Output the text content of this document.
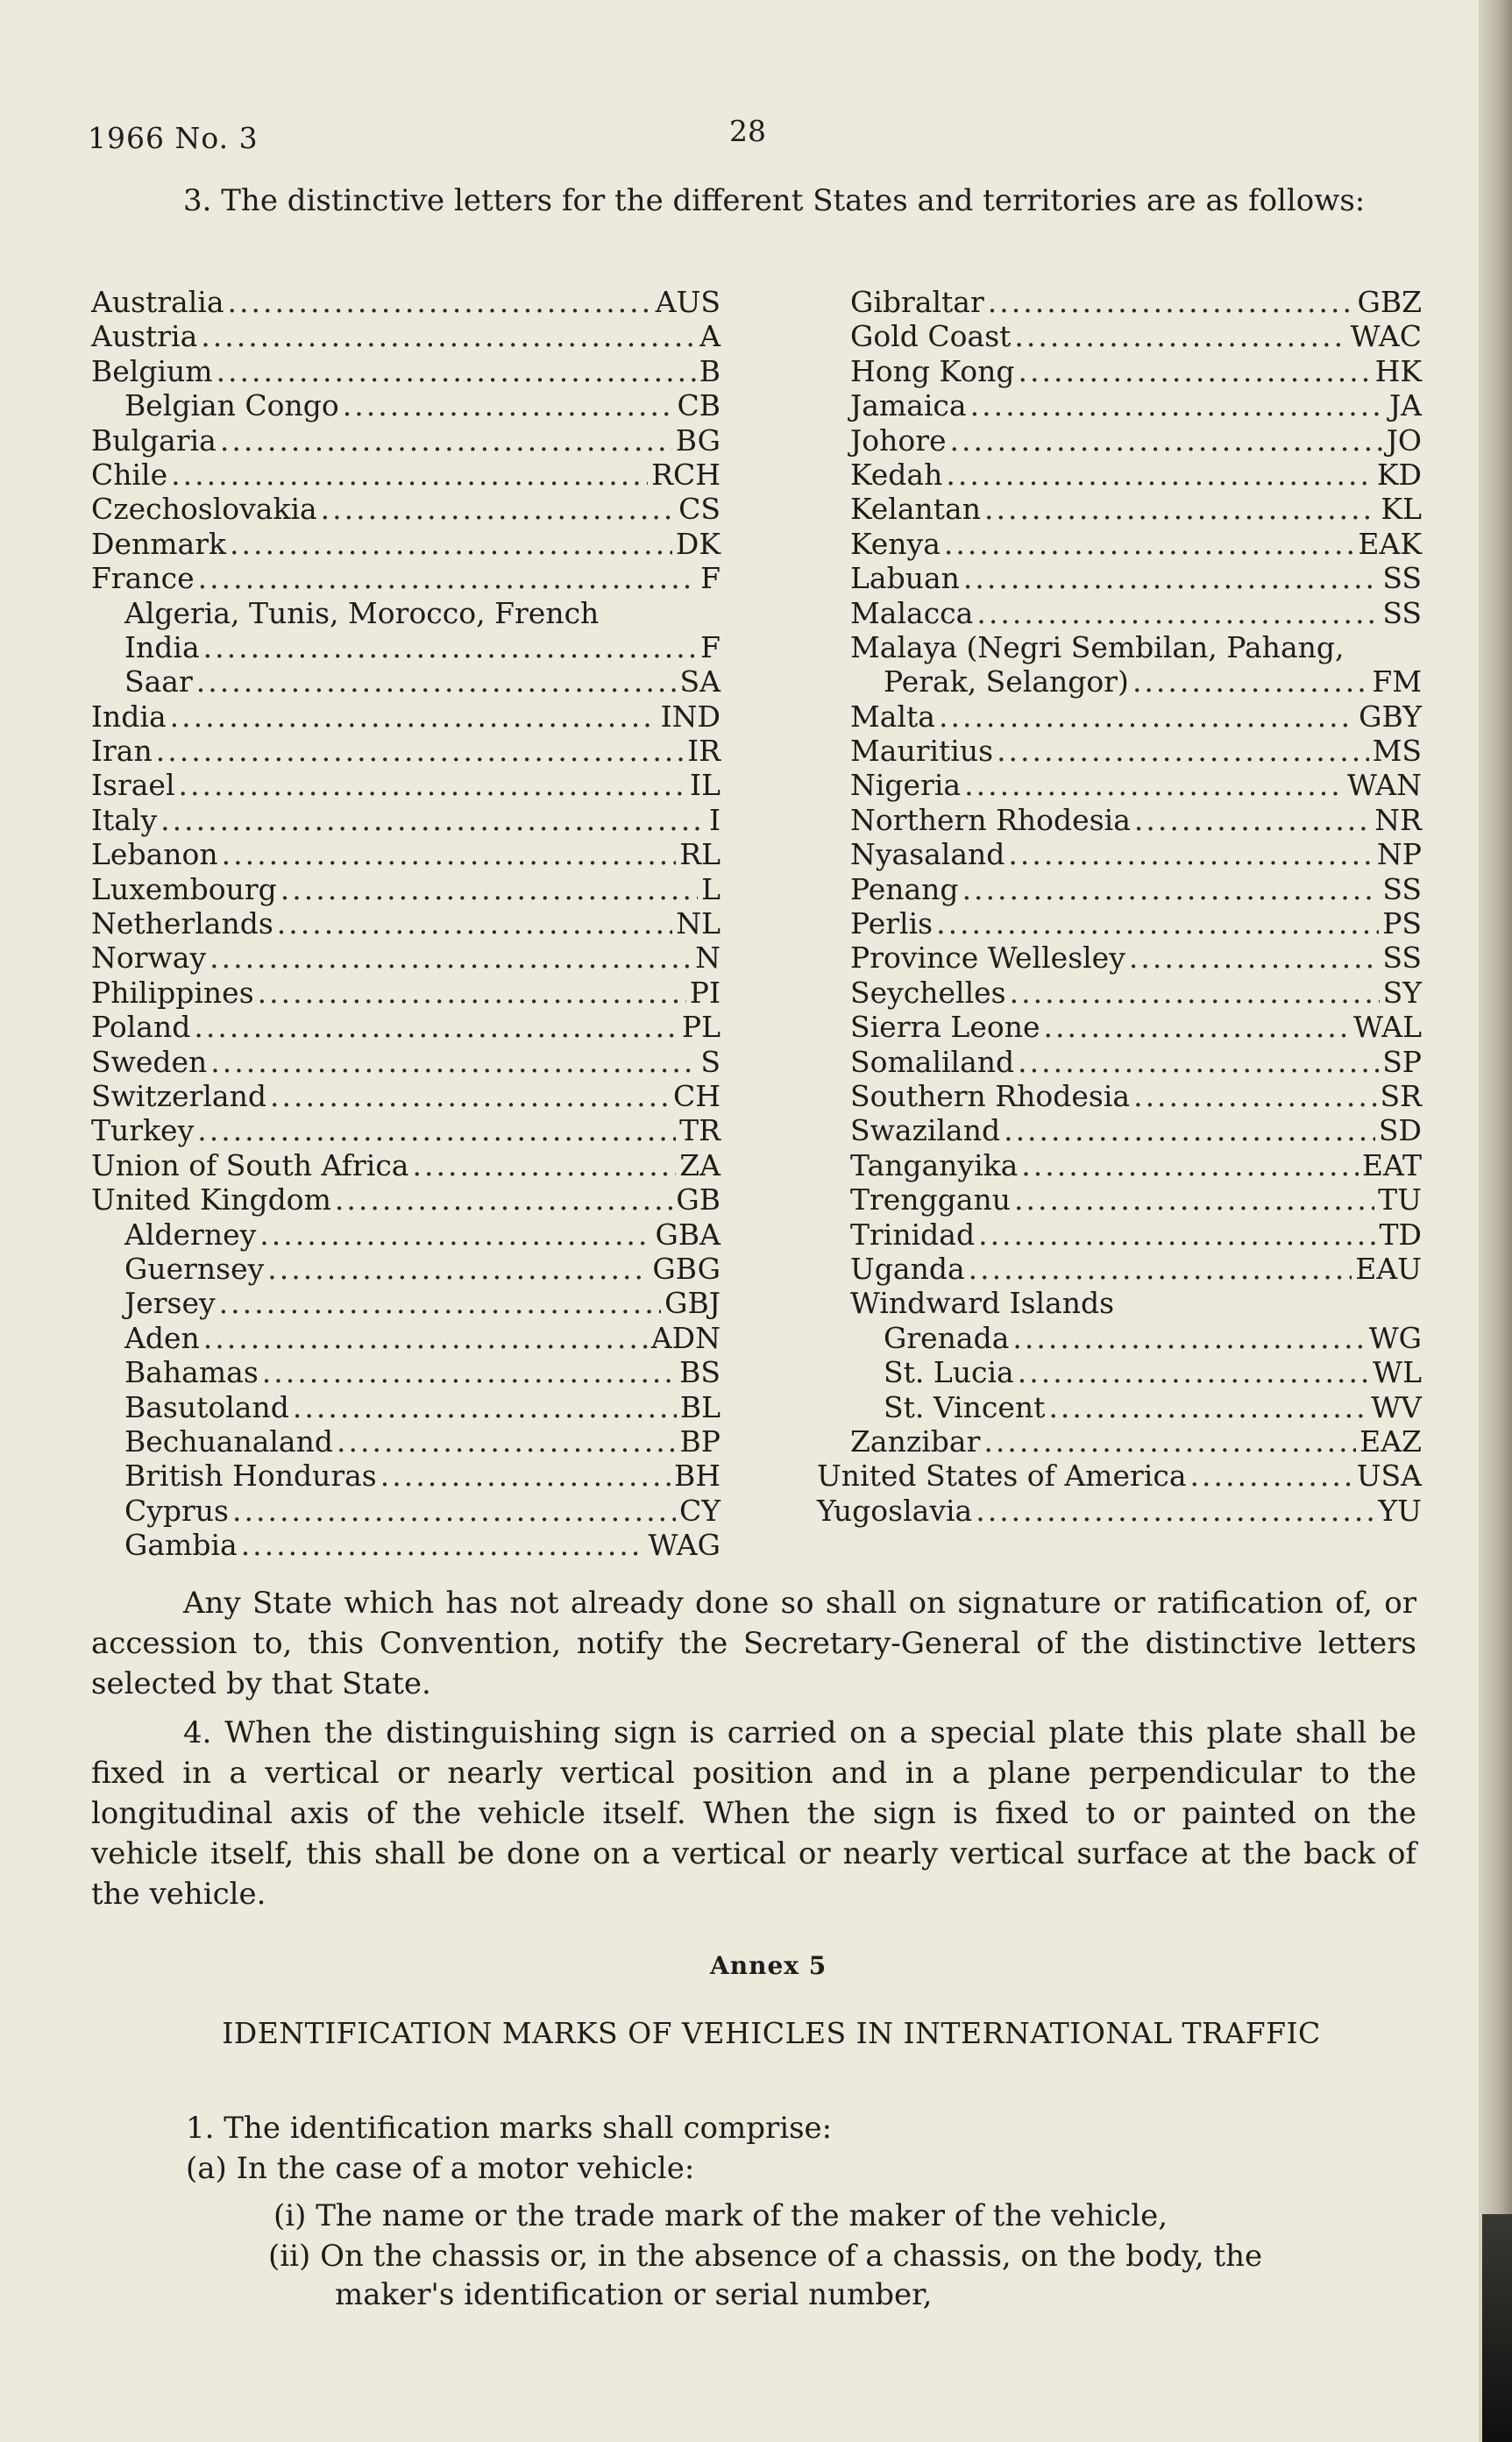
1966 No. 3	28

3. The distinctive letters for the different States and territories are as follows:

Australia .....	AUS
Austria .....	A
Belgium .....	B
Belgian Congo .....	CB
Bulgaria .....	BG
Chile .....	RCH
Czechoslovakia .....	CS
Denmark .....	DK
France .....	F
Algeria, Tunis, Morocco, French
India .....	F
Saar .....	SA
India .....	IND
Iran .....	IR
Israel .....	IL
Italy .....	I
Lebanon .....	RL
Luxembourg .....	L
Netherlands .....	NL
Norway .....	N
Philippines .....	PI
Poland .....	PL
Sweden .....	S
Switzerland .....	CH
Turkey .....	TR
Union of South Africa .....	ZA
United Kingdom .....	GB
Alderney .....	GBA
Guernsey .....	GBG
Jersey .....	GBJ
Aden .....	ADN
Bahamas .....	BS
Basutoland .....	BL
Bechuanaland .....	BP
British Honduras .....	BH
Cyprus .....	CY
Gambia .....	WAG
Gibraltar .....	GBZ
Gold Coast .....	WAC
Hong Kong .....	HK
Jamaica .....	JA
Johore .....	JO
Kedah .....	KD
Kelantan .....	KL
Kenya .....	EAK
Labuan .....	SS
Malacca .....	SS
Malaya (Negri Sembilan, Pahang,
Perak, Selangor) .....	FM
Malta .....	GBY
Mauritius .....	MS
Nigeria .....	WAN
Northern Rhodesia .....	NR
Nyasaland .....	NP
Penang .....	SS
Perlis .....	PS
Province Wellesley .....	SS
Seychelles .....	SY
Sierra Leone .....	WAL
Somaliland .....	SP
Southern Rhodesia .....	SR
Swaziland .....	SD
Tanganyika .....	EAT
Trengganu .....	TU
Trinidad .....	TD
Uganda .....	EAU
Windward Islands
Grenada .....	WG
St. Lucia .....	WL
St. Vincent .....	WV
Zanzibar .....	EAZ
United States of America .....	USA
Yugoslavia .....	YU

Any State which has not already done so shall on signature or ratification of, or accession to, this Convention, notify the Secretary-General of the distinctive letters selected by that State.

4. When the distinguishing sign is carried on a special plate this plate shall be fixed in a vertical or nearly vertical position and in a plane perpendicular to the longitudinal axis of the vehicle itself. When the sign is fixed to or painted on the vehicle itself, this shall be done on a vertical or nearly vertical surface at the back of the vehicle.

Annex 5

IDENTIFICATION MARKS OF VEHICLES IN INTERNATIONAL TRAFFIC

1. The identification marks shall comprise:

(a) In the case of a motor vehicle:

(i) The name or the trade mark of the maker of the vehicle,

(ii) On the chassis or, in the absence of a chassis, on the body, the

maker's identification or serial number,
